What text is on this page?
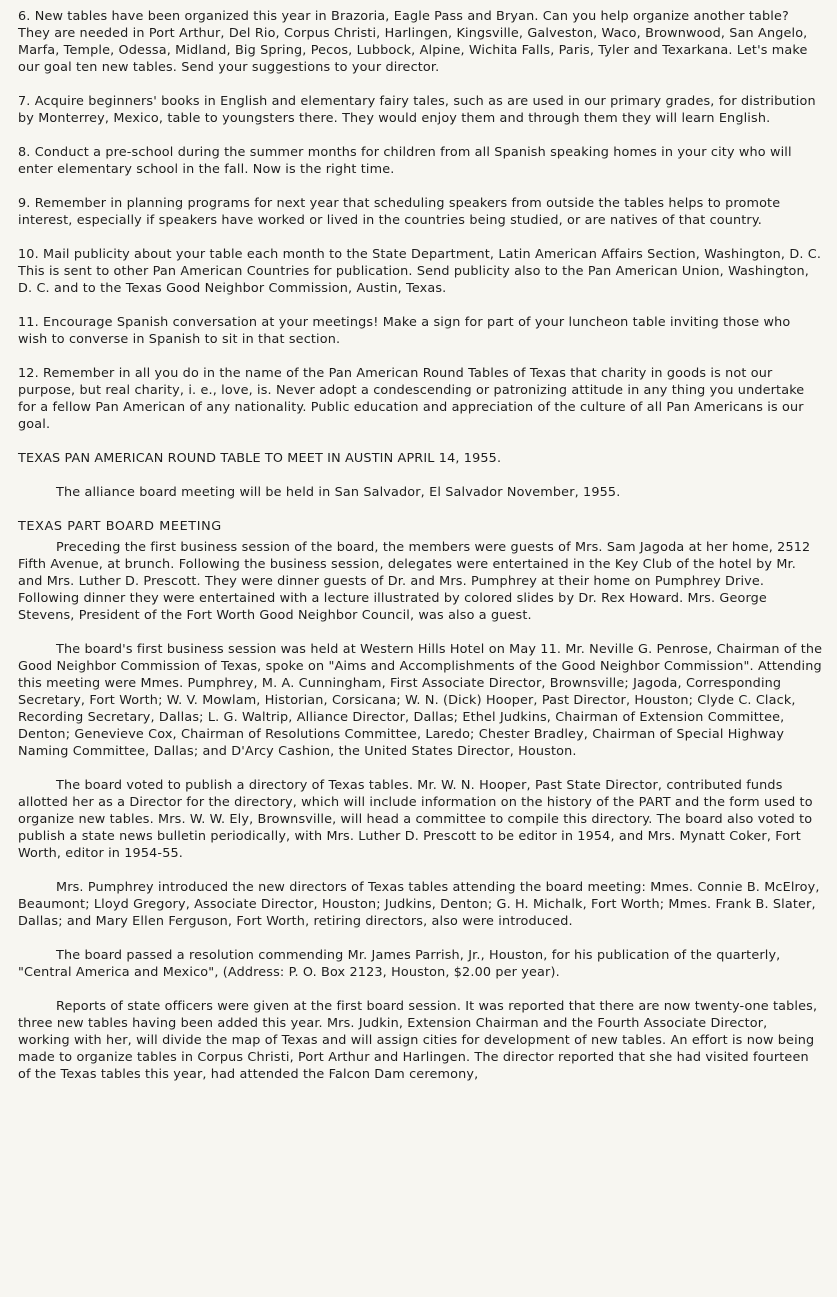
6. New tables have been organized this year in Brazoria, Eagle Pass and Bryan. Can you help organize another table? They are needed in Port Arthur, Del Rio, Corpus Christi, Harlingen, Kingsville, Galveston, Waco, Brownwood, San Angelo, Marfa, Temple, Odessa, Midland, Big Spring, Pecos, Lubbock, Alpine, Wichita Falls, Paris, Tyler and Texarkana. Let's make our goal ten new tables. Send your suggestions to your director.

7. Acquire beginners' books in English and elementary fairy tales, such as are used in our primary grades, for distribution by Monterrey, Mexico, table to youngsters there. They would enjoy them and through them they will learn English.

8. Conduct a pre-school during the summer months for children from all Spanish speaking homes in your city who will enter elementary school in the fall. Now is the right time.

9. Remember in planning programs for next year that scheduling speakers from outside the tables helps to promote interest, especially if speakers have worked or lived in the countries being studied, or are natives of that country.

10. Mail publicity about your table each month to the State Department, Latin American Affairs Section, Washington, D. C. This is sent to other Pan American Countries for publication. Send publicity also to the Pan American Union, Washington, D. C. and to the Texas Good Neighbor Commission, Austin, Texas.

11. Encourage Spanish conversation at your meetings! Make a sign for part of your luncheon table inviting those who wish to converse in Spanish to sit in that section.

12. Remember in all you do in the name of the Pan American Round Tables of Texas that charity in goods is not our purpose, but real charity, i. e., love, is. Never adopt a condescending or patronizing attitude in any thing you undertake for a fellow Pan American of any nationality. Public education and appreciation of the culture of all Pan Americans is our goal.

TEXAS PAN AMERICAN ROUND TABLE TO MEET IN AUSTIN APRIL 14, 1955.

The alliance board meeting will be held in San Salvador, El Salvador November, 1955.

TEXAS PART BOARD MEETING

Preceding the first business session of the board, the members were guests of Mrs. Sam Jagoda at her home, 2512 Fifth Avenue, at brunch. Following the business session, delegates were entertained in the Key Club of the hotel by Mr. and Mrs. Luther D. Prescott. They were dinner guests of Dr. and Mrs. Pumphrey at their home on Pumphrey Drive. Following dinner they were entertained with a lecture illustrated by colored slides by Dr. Rex Howard. Mrs. George Stevens, President of the Fort Worth Good Neighbor Council, was also a guest.

The board's first business session was held at Western Hills Hotel on May 11. Mr. Neville G. Penrose, Chairman of the Good Neighbor Commission of Texas, spoke on "Aims and Accomplishments of the Good Neighbor Commission". Attending this meeting were Mmes. Pumphrey, M. A. Cunningham, First Associate Director, Brownsville; Jagoda, Corresponding Secretary, Fort Worth; W. V. Mowlam, Historian, Corsicana; W. N. (Dick) Hooper, Past Director, Houston; Clyde C. Clack, Recording Secretary, Dallas; L. G. Waltrip, Alliance Director, Dallas; Ethel Judkins, Chairman of Extension Committee, Denton; Genevieve Cox, Chairman of Resolutions Committee, Laredo; Chester Bradley, Chairman of Special Highway Naming Committee, Dallas; and D'Arcy Cashion, the United States Director, Houston.

The board voted to publish a directory of Texas tables. Mr. W. N. Hooper, Past State Director, contributed funds allotted her as a Director for the directory, which will include information on the history of the PART and the form used to organize new tables. Mrs. W. W. Ely, Brownsville, will head a committee to compile this directory. The board also voted to publish a state news bulletin periodically, with Mrs. Luther D. Prescott to be editor in 1954, and Mrs. Mynatt Coker, Fort Worth, editor in 1954-55.

Mrs. Pumphrey introduced the new directors of Texas tables attending the board meeting: Mmes. Connie B. McElroy, Beaumont; Lloyd Gregory, Associate Director, Houston; Judkins, Denton; G. H. Michalk, Fort Worth; Mmes. Frank B. Slater, Dallas; and Mary Ellen Ferguson, Fort Worth, retiring directors, also were introduced.

The board passed a resolution commending Mr. James Parrish, Jr., Houston, for his publication of the quarterly, "Central America and Mexico", (Address: P. O. Box 2123, Houston, $2.00 per year).

Reports of state officers were given at the first board session. It was reported that there are now twenty-one tables, three new tables having been added this year. Mrs. Judkin, Extension Chairman and the Fourth Associate Director, working with her, will divide the map of Texas and will assign cities for development of new tables. An effort is now being made to organize tables in Corpus Christi, Port Arthur and Harlingen. The director reported that she had visited fourteen of the Texas tables this year, had attended the Falcon Dam ceremony,
